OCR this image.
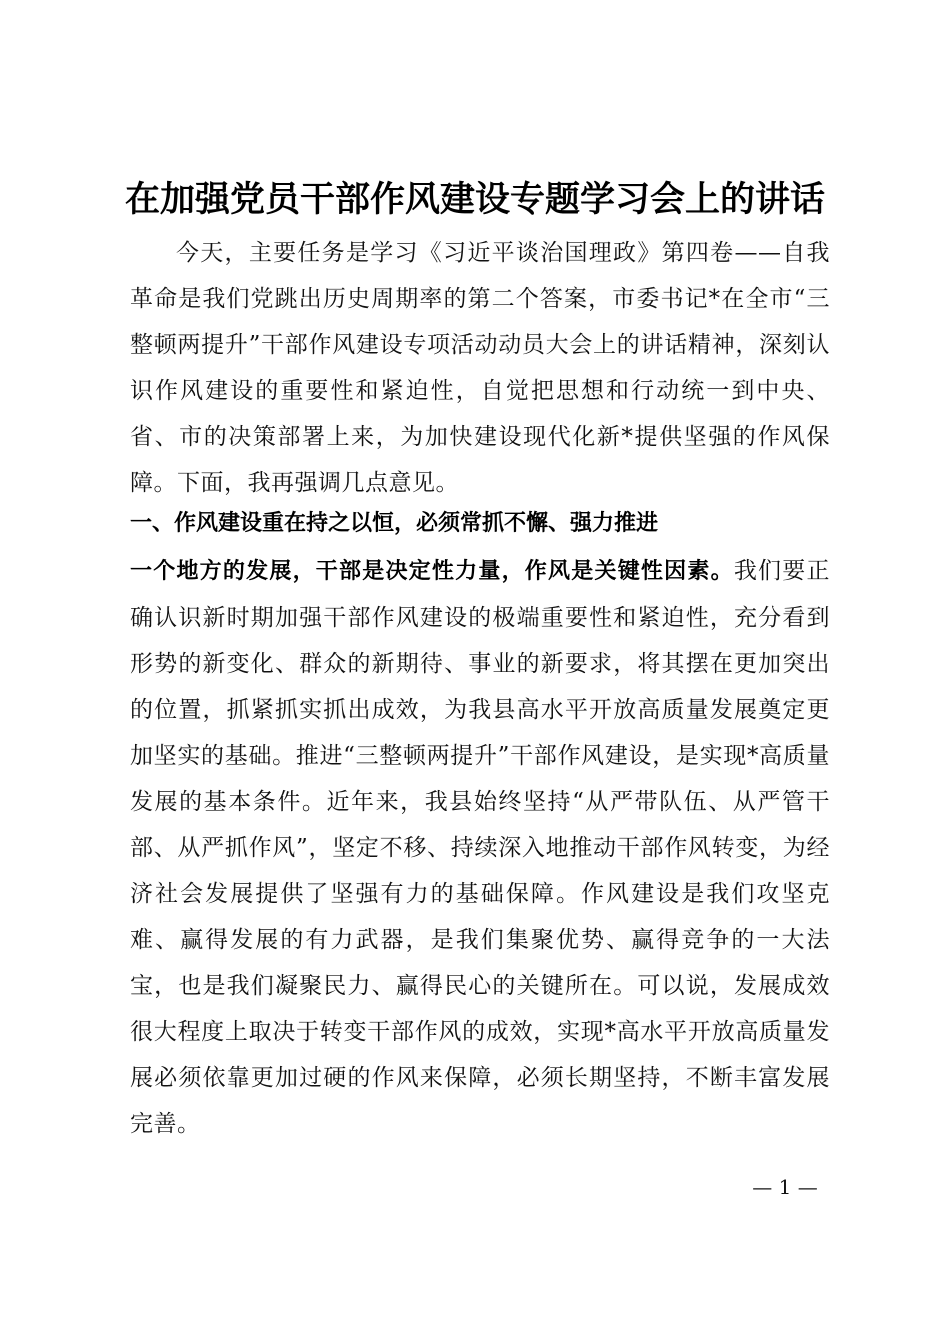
在加强党员干部作风建设专题学习会上的讲话
今天，主要任务是学习《习近平谈治国理政》第四卷——自我革命是我们党跳出历史周期率的第二个答案，市委书记*在全市“三整顿两提升”干部作风建设专项活动动员大会上的讲话精神，深刻认识作风建设的重要性和紧迫性，自觉把思想和行动统一到中央、省、市的决策部署上来，为加快建设现代化新*提供坚强的作风保障。下面，我再强调几点意见。
一、作风建设重在持之以恒，必须常抓不懈、强力推进
一个地方的发展，干部是决定性力量，作风是关键性因素。我们要正确认识新时期加强干部作风建设的极端重要性和紧迫性，充分看到形势的新变化、群众的新期待、事业的新要求，将其摆在更加突出的位置，抓紧抓实抓出成效，为我县高水平开放高质量发展奠定更加坚实的基础。推进“三整顿两提升”干部作风建设，是实现*高质量发展的基本条件。近年来，我县始终坚持“从严带队伍、从严管干部、从严抓作风”，坚定不移、持续深入地推动干部作风转变，为经济社会发展提供了坚强有力的基础保障。作风建设是我们攻坚克难、赢得发展的有力武器，是我们集聚优势、赢得竞争的一大法宝，也是我们凝聚民力、赢得民心的关键所在。可以说，发展成效很大程度上取决于转变干部作风的成效，实现*高水平开放高质量发展必须依靠更加过硬的作风来保障，必须长期坚持，不断丰富发展完善。
— 1 —
